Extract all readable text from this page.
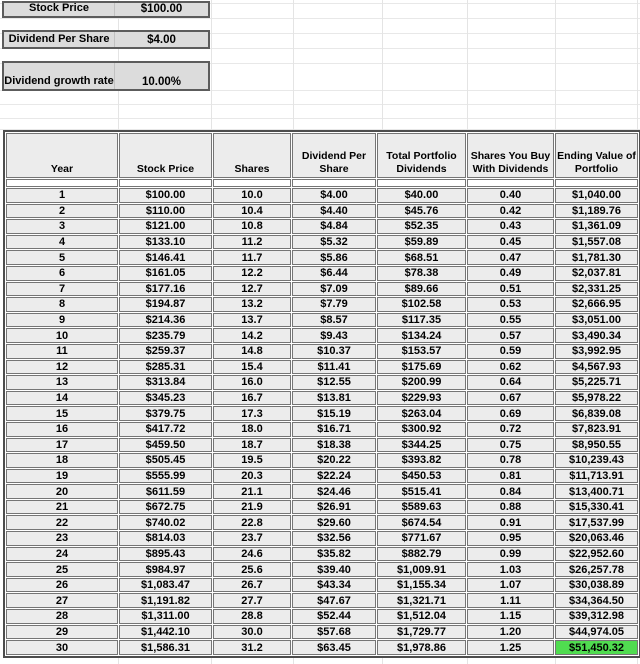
Stock Price	$100.00
Dividend Per Share	$4.00
Dividend growth rate	10.00%
Year	Stock Price	Shares	Dividend Per Share	Total Portfolio Dividends	Shares You Buy With Dividends	Ending Value of Portfolio

1	$100.00	10.0	$4.00	$40.00	0.40	$1,040.00
2	$110.00	10.4	$4.40	$45.76	0.42	$1,189.76
3	$121.00	10.8	$4.84	$52.35	0.43	$1,361.09
4	$133.10	11.2	$5.32	$59.89	0.45	$1,557.08
5	$146.41	11.7	$5.86	$68.51	0.47	$1,781.30
6	$161.05	12.2	$6.44	$78.38	0.49	$2,037.81
7	$177.16	12.7	$7.09	$89.66	0.51	$2,331.25
8	$194.87	13.2	$7.79	$102.58	0.53	$2,666.95
9	$214.36	13.7	$8.57	$117.35	0.55	$3,051.00
10	$235.79	14.2	$9.43	$134.24	0.57	$3,490.34
11	$259.37	14.8	$10.37	$153.57	0.59	$3,992.95
12	$285.31	15.4	$11.41	$175.69	0.62	$4,567.93
13	$313.84	16.0	$12.55	$200.99	0.64	$5,225.71
14	$345.23	16.7	$13.81	$229.93	0.67	$5,978.22
15	$379.75	17.3	$15.19	$263.04	0.69	$6,839.08
16	$417.72	18.0	$16.71	$300.92	0.72	$7,823.91
17	$459.50	18.7	$18.38	$344.25	0.75	$8,950.55
18	$505.45	19.5	$20.22	$393.82	0.78	$10,239.43
19	$555.99	20.3	$22.24	$450.53	0.81	$11,713.91
20	$611.59	21.1	$24.46	$515.41	0.84	$13,400.71
21	$672.75	21.9	$26.91	$589.63	0.88	$15,330.41
22	$740.02	22.8	$29.60	$674.54	0.91	$17,537.99
23	$814.03	23.7	$32.56	$771.67	0.95	$20,063.46
24	$895.43	24.6	$35.82	$882.79	0.99	$22,952.60
25	$984.97	25.6	$39.40	$1,009.91	1.03	$26,257.78
26	$1,083.47	26.7	$43.34	$1,155.34	1.07	$30,038.89
27	$1,191.82	27.7	$47.67	$1,321.71	1.11	$34,364.50
28	$1,311.00	28.8	$52.44	$1,512.04	1.15	$39,312.98
29	$1,442.10	30.0	$57.68	$1,729.77	1.20	$44,974.05
30	$1,586.31	31.2	$63.45	$1,978.86	1.25	$51,450.32
